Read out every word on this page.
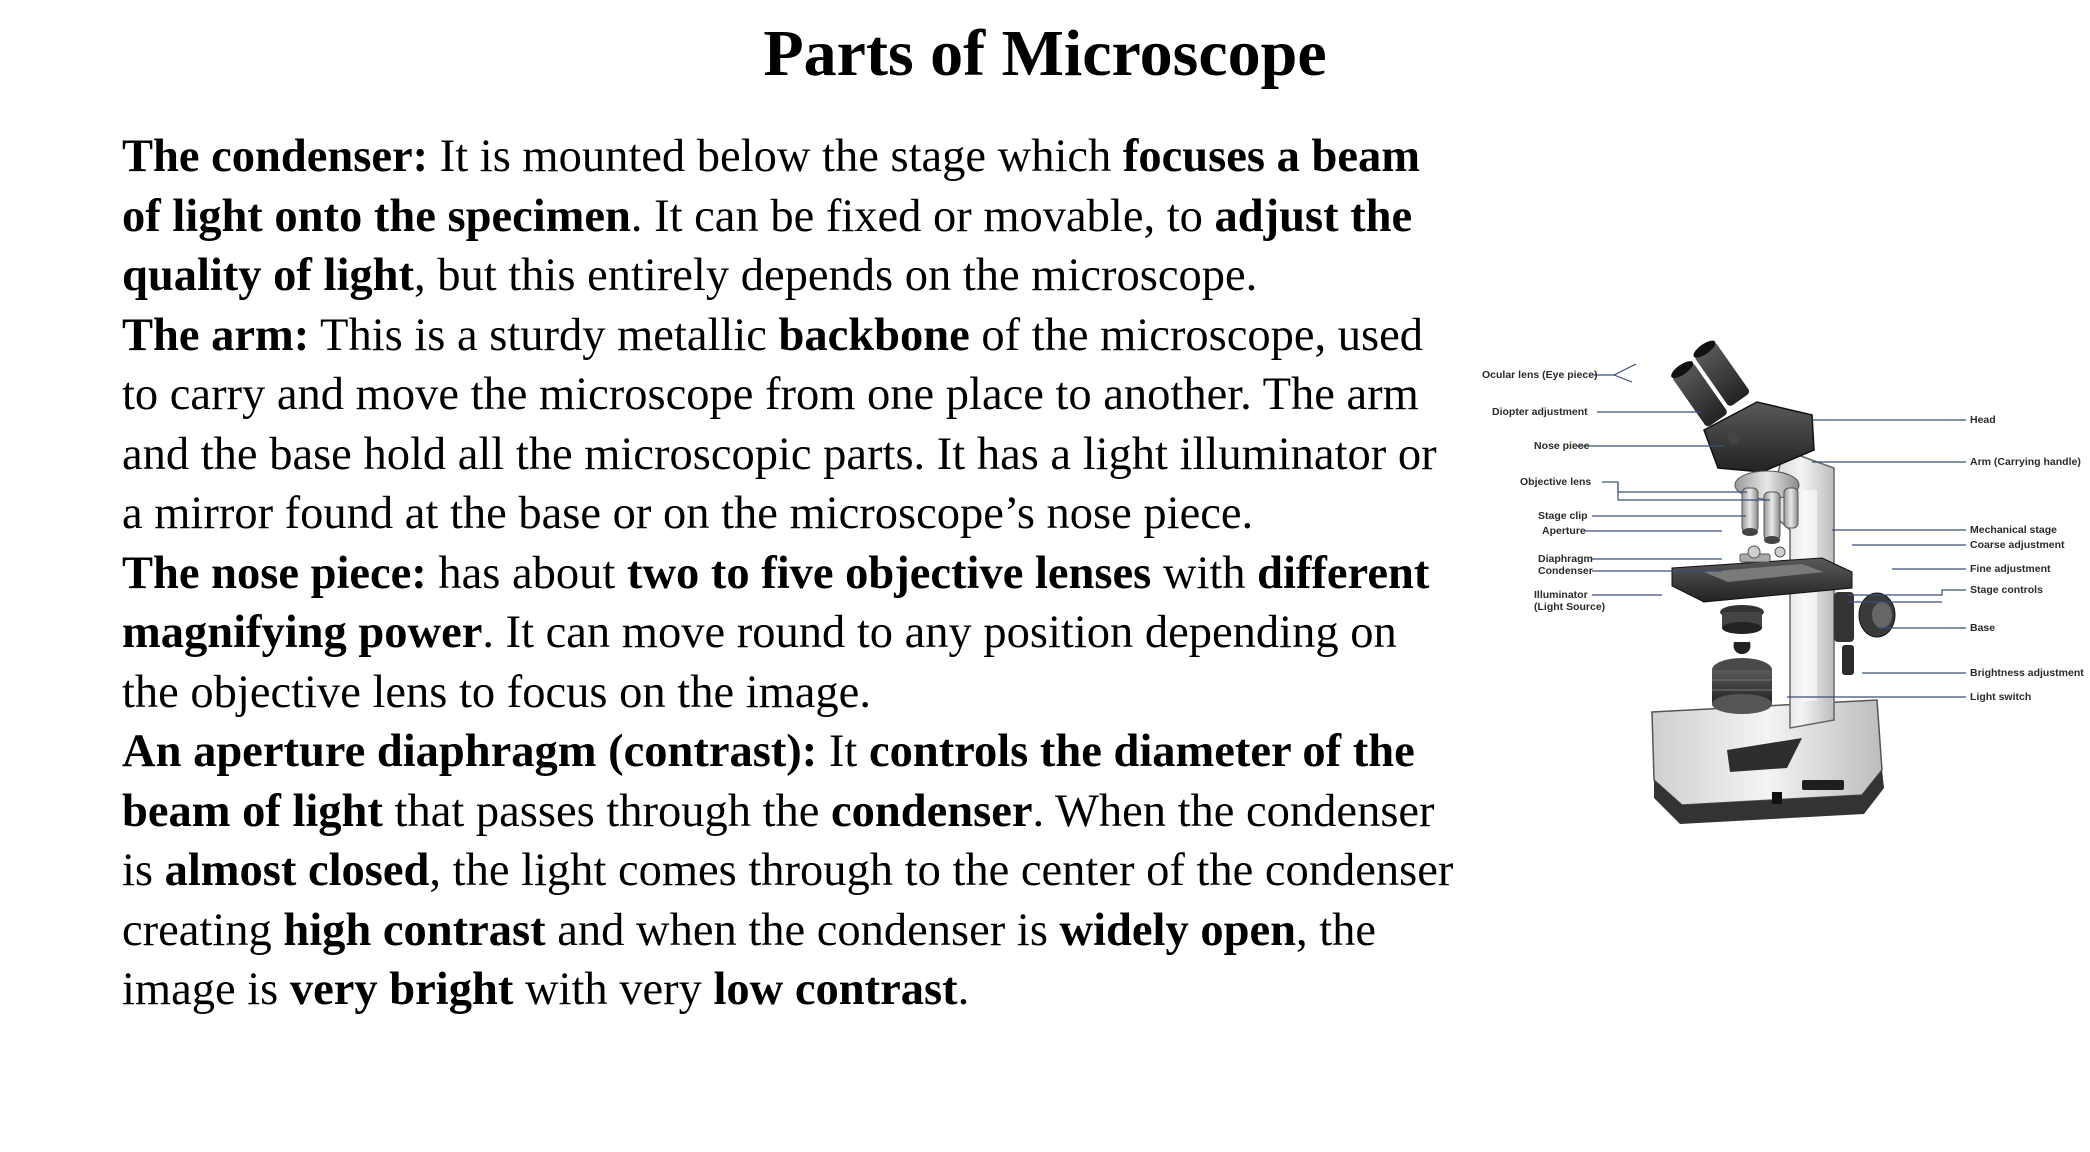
Parts of Microscope

The condenser: It is mounted below the stage which focuses a beam of light onto the specimen. It can be fixed or movable, to adjust the quality of light, but this entirely depends on the microscope.

The arm: This is a sturdy metallic backbone of the microscope, used to carry and move the microscope from one place to another. The arm and the base hold all the microscopic parts. It has a light illuminator or a mirror found at the base or on the microscope’s nose piece.

The nose piece: has about two to five objective lenses with different magnifying power. It can move round to any position depending on the objective lens to focus on the image.

An aperture diaphragm (contrast): It controls the diameter of the beam of light that passes through the condenser. When the condenser is almost closed, the light comes through to the center of the condenser creating high contrast and when the condenser is widely open, the image is very bright with very low contrast.

Ocular lens (Eye piece)
Diopter adjustment
Nose piece
Objective lens
Stage clip
Aperture
Diaphragm
Condenser
Illuminator
(Light Source)
Head
Arm (Carrying handle)
Mechanical stage
Coarse adjustment
Fine adjustment
Stage controls
Base
Brightness adjustment
Light switch
